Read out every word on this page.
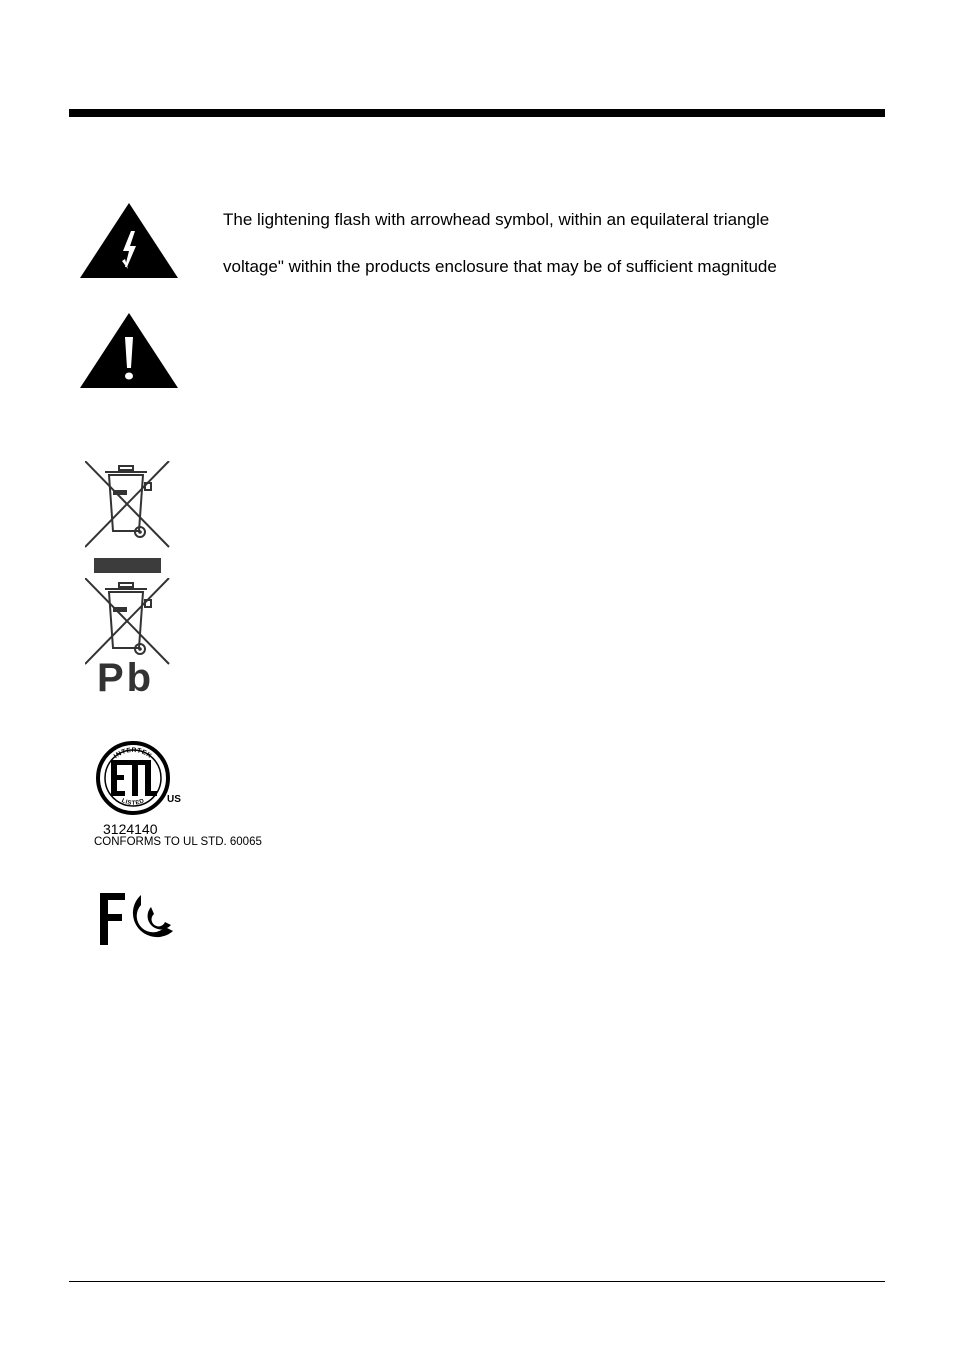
The lightening flash with arrowhead symbol, within an equilateral triangle
voltage" within the products enclosure that may be of sufficient magnitude
Pb
INTERTEK
LISTED US
3124140
CONFORMS TO UL STD. 60065
